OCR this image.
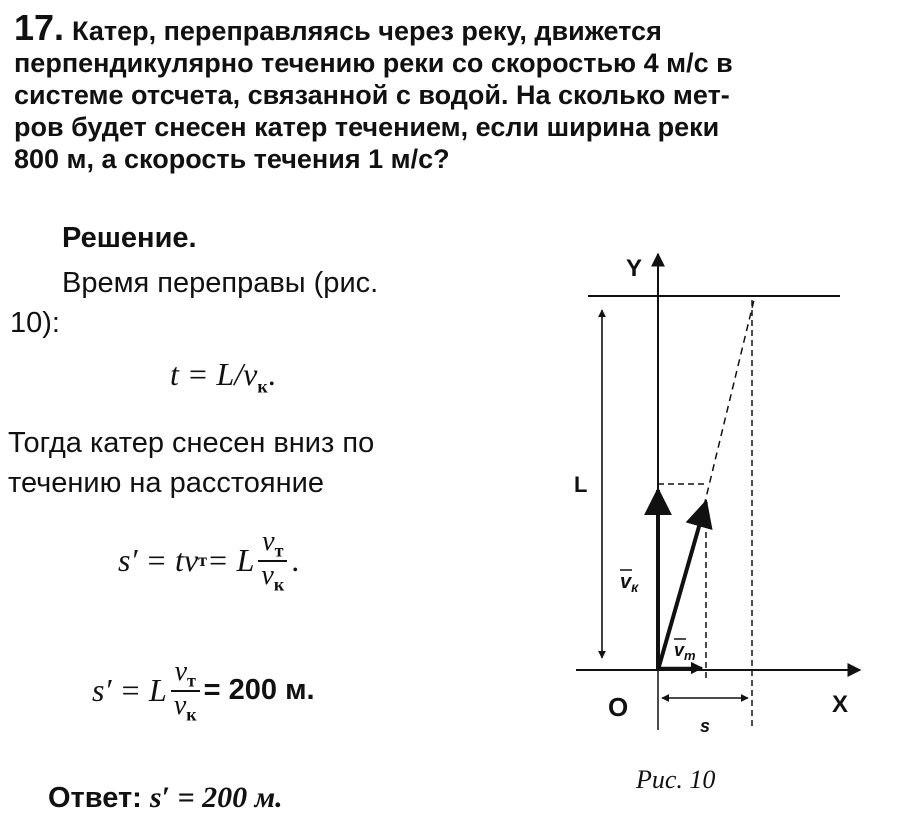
17. Катер, переправляясь через реку, движется
перпендикулярно течению реки со скоростью 4 м/с в
системе отсчета, связанной с водой. На сколько мет-
ров будет снесен катер течением, если ширина реки
800 м, а скорость течения 1 м/с?
Решение.
Время переправы (рис.
10):
$t = L/v_к$.
Тогда катер снесен вниз по
течению на расстояние
s′ = tv т = L $\frac{v_т}{v_к}$ .
s′ = L $\frac{v_т}{v_к} = 200$ м.
Ответ: s′ = 200 м.
Y
X
O
L
$v_к$
$v_т$
s
Рис. 10
